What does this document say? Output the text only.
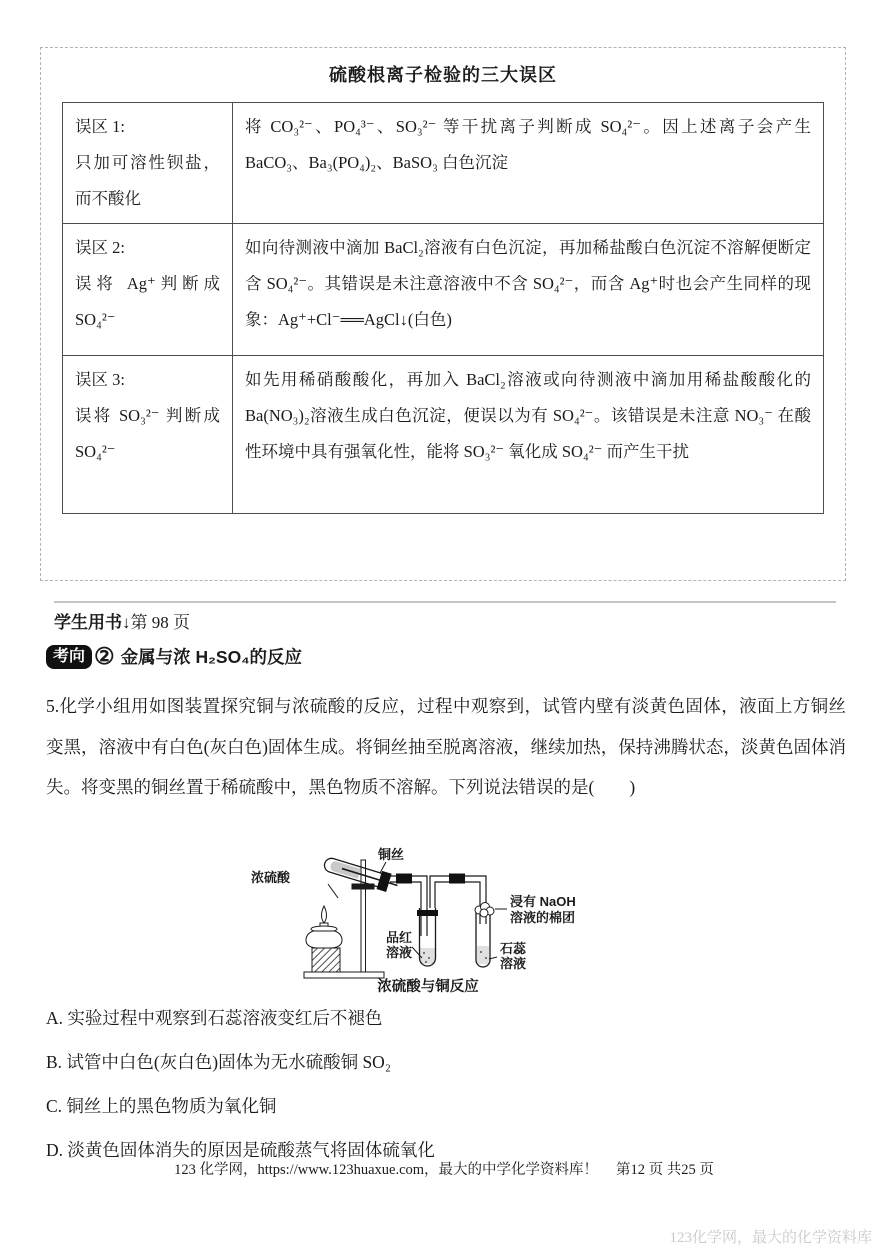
硫酸根离子检验的三大误区
误区 1:
只加可溶性钡盐，而不酸化	将 CO₃²⁻、PO₄³⁻、SO₃²⁻ 等干扰离子判断成 SO₄²⁻。因上述离子会产生 BaCO₃、Ba₃(PO₄)₂、BaSO₃ 白色沉淀

误区 2:
误将 Ag⁺判断成 SO₄²⁻	如向待测液中滴加 BaCl₂溶液有白色沉淀，再加稀盐酸白色沉淀不溶解便断定含 SO₄²⁻。其错误是未注意溶液中不含 SO₄²⁻，而含 Ag⁺时也会产生同样的现象：Ag⁺+Cl⁻══AgCl↓(白色)

误区 3:
误将 SO₃²⁻ 判断成 SO₄²⁻	如先用稀硝酸酸化，再加入 BaCl₂溶液或向待测液中滴加用稀盐酸酸化的 Ba(NO₃)₂溶液生成白色沉淀，便误以为有 SO₄²⁻。该错误是未注意 NO₃⁻ 在酸性环境中具有强氧化性，能将 SO₃²⁻ 氧化成 SO₄²⁻ 而产生干扰
学生用书↓第 98 页
考向 ② 金属与浓 H₂SO₄的反应
5.化学小组用如图装置探究铜与浓硫酸的反应，过程中观察到，试管内壁有淡黄色固体，液面上方铜丝变黑，溶液中有白色(灰白色)固体生成。将铜丝抽至脱离溶液，继续加热，保持沸腾状态，淡黄色固体消失。将变黑的铜丝置于稀硫酸中，黑色物质不溶解。下列说法错误的是(　　)
浓硫酸
铜丝
品红
溶液
浸有 NaOH
溶液的棉团
石蕊
溶液
浓硫酸与铜反应
A. 实验过程中观察到石蕊溶液变红后不褪色
B. 试管中白色(灰白色)固体为无水硫酸铜 SO₂
C. 铜丝上的黑色物质为氧化铜
D. 淡黄色固体消失的原因是硫酸蒸气将固体硫氧化
123 化学网，https://www.123huaxue.com，最大的中学化学资料库！ 第12 页 共25 页
123化学网，最大的化学资料库
